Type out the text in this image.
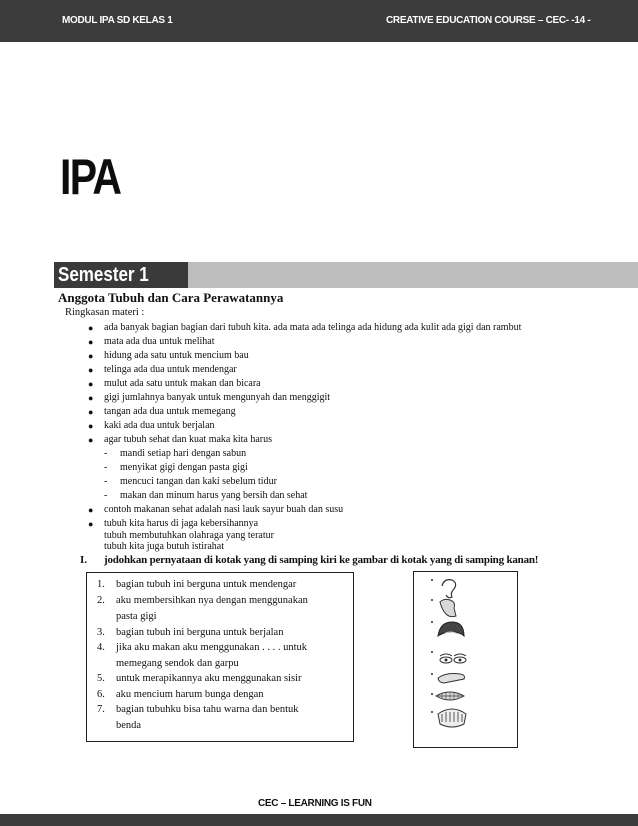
MODUL IPA SD KELAS 1	CREATIVE EDUCATION COURSE – CEC- -14 -
IPA
Semester 1
Anggota Tubuh dan Cara Perawatannya
Ringkasan materi :
● ada banyak bagian bagian dari tubuh kita. ada mata ada telinga ada hidung ada kulit ada gigi dan rambut
● mata ada dua untuk melihat
● hidung ada satu untuk mencium bau
● telinga ada dua untuk mendengar
● mulut ada satu untuk makan dan bicara
● gigi jumlahnya banyak untuk mengunyah dan menggigit
● tangan ada dua untuk memegang
● kaki ada dua untuk berjalan
● agar tubuh sehat dan kuat maka kita harus
- mandi setiap hari dengan sabun
- menyikat gigi dengan pasta gigi
- mencuci tangan dan kaki sebelum tidur
- makan dan minum harus yang bersih dan sehat
● contoh makanan sehat adalah nasi lauk sayur buah dan susu
● tubuh kita harus di jaga kebersihannya
tubuh membutuhkan olahraga yang teratur
tubuh kita juga butuh istirahat
I. jodohkan pernyataan di kotak yang di samping kiri ke gambar di kotak yang di samping kanan!
1. bagian tubuh ini berguna untuk mendengar
2. aku membersihkan nya dengan menggunakan
pasta gigi
3. bagian tubuh ini berguna untuk berjalan
4. jika aku makan aku menggunakan . . . . untuk
memegang sendok dan garpu
5. untuk merapikannya aku menggunakan sisir
6. aku mencium harum bunga dengan
7. bagian tubuhku bisa tahu warna dan bentuk
benda
CEC – LEARNING IS FUN
